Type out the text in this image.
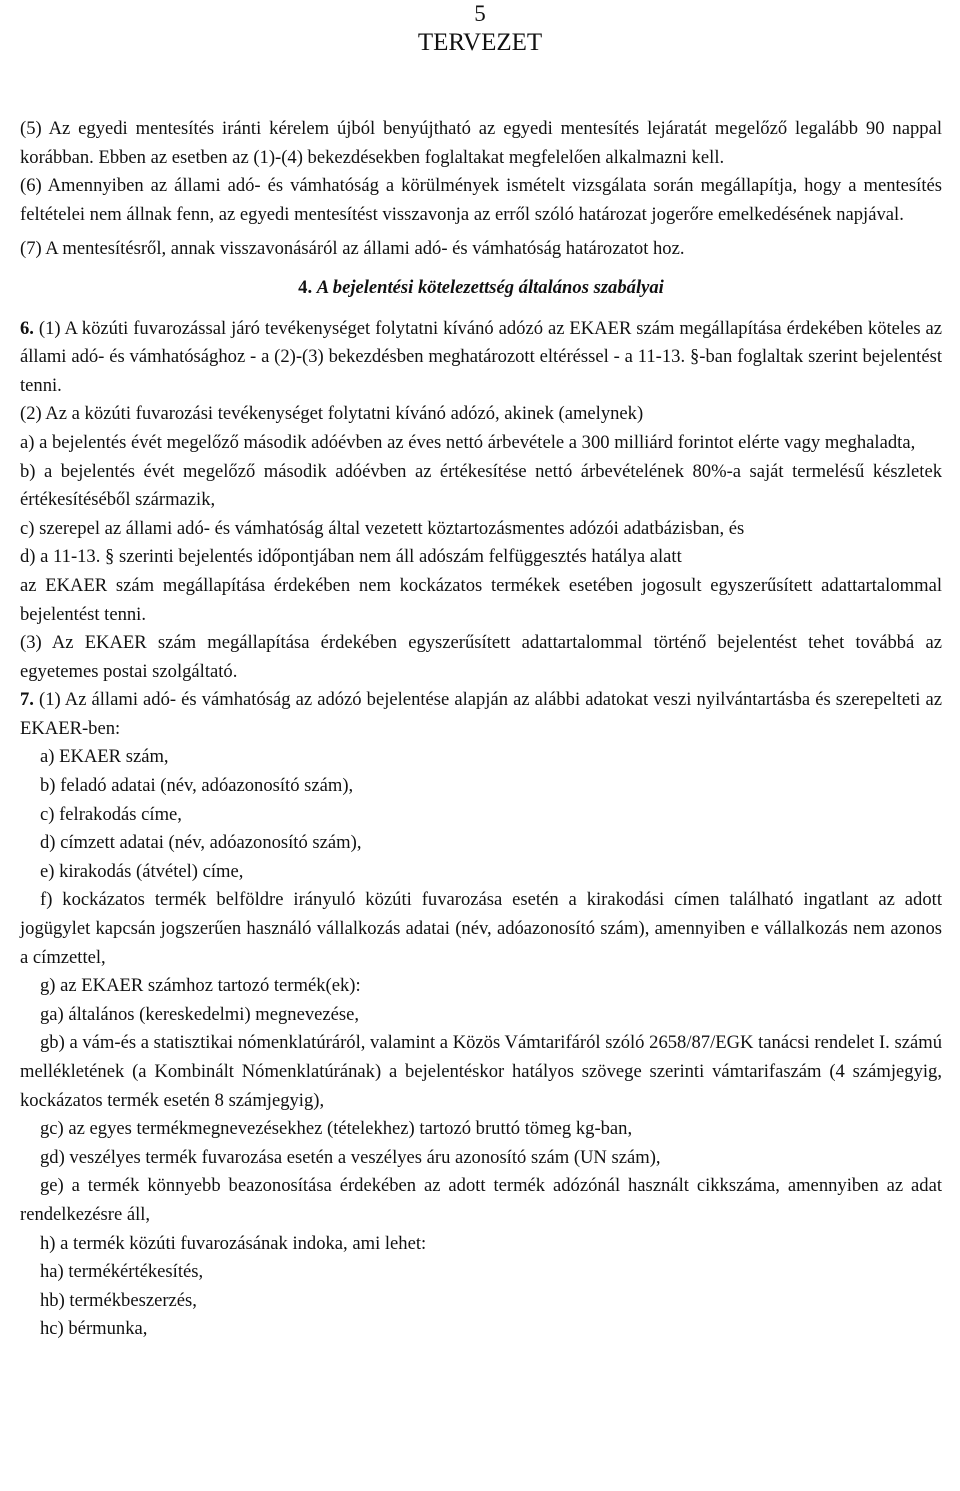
5
TERVEZET

(5) Az egyedi mentesítés iránti kérelem újból benyújtható az egyedi mentesítés lejáratát megelőző legalább 90 nappal korábban. Ebben az esetben az (1)-(4) bekezdésekben foglaltakat megfelelően alkalmazni kell.

(6) Amennyiben az állami adó- és vámhatóság a körülmények ismételt vizsgálata során megállapítja, hogy a mentesítés feltételei nem állnak fenn, az egyedi mentesítést visszavonja az erről szóló határozat jogerőre emelkedésének napjával.

(7) A mentesítésről, annak visszavonásáról az állami adó- és vámhatóság határozatot hoz.

4. A bejelentési kötelezettség általános szabályai

6. (1) A közúti fuvarozással járó tevékenységet folytatni kívánó adózó az EKAER szám megállapítása érdekében köteles az állami adó- és vámhatósághoz - a (2)-(3) bekezdésben meghatározott eltéréssel - a 11-13. §-ban foglaltak szerint bejelentést tenni.

(2) Az a közúti fuvarozási tevékenységet folytatni kívánó adózó, akinek (amelynek)

a) a bejelentés évét megelőző második adóévben az éves nettó árbevétele a 300 milliárd forintot elérte vagy meghaladta,

b) a bejelentés évét megelőző második adóévben az értékesítése nettó árbevételének 80%-a saját termelésű készletek értékesítéséből származik,

c) szerepel az állami adó- és vámhatóság által vezetett köztartozásmentes adózói adatbázisban, és

d) a 11-13. § szerinti bejelentés időpontjában nem áll adószám felfüggesztés hatálya alatt

az EKAER szám megállapítása érdekében nem kockázatos termékek esetében jogosult egyszerűsített adattartalommal bejelentést tenni.

(3) Az EKAER szám megállapítása érdekében egyszerűsített adattartalommal történő bejelentést tehet továbbá az egyetemes postai szolgáltató.

7. (1) Az állami adó- és vámhatóság az adózó bejelentése alapján az alábbi adatokat veszi nyilvántartásba és szerepelteti az EKAER-ben:

a) EKAER szám,

b) feladó adatai (név, adóazonosító szám),

c) felrakodás címe,

d) címzett adatai (név, adóazonosító szám),

e) kirakodás (átvétel) címe,

f) kockázatos termék belföldre irányuló közúti fuvarozása esetén a kirakodási címen található ingatlant az adott jogügylet kapcsán jogszerűen használó vállalkozás adatai (név, adóazonosító szám), amennyiben e vállalkozás nem azonos a címzettel,

g) az EKAER számhoz tartozó termék(ek):

ga) általános (kereskedelmi) megnevezése,

gb) a vám-és a statisztikai nómenklatúráról, valamint a Közös Vámtarifáról szóló 2658/87/EGK tanácsi rendelet I. számú mellékletének (a Kombinált Nómenklatúrának) a bejelentéskor hatályos szövege szerinti vámtarifaszám (4 számjegyig, kockázatos termék esetén 8 számjegyig),

gc) az egyes termékmegnevezésekhez (tételekhez) tartozó bruttó tömeg kg-ban,

gd) veszélyes termék fuvarozása esetén a veszélyes áru azonosító szám (UN szám),

ge) a termék könnyebb beazonosítása érdekében az adott termék adózónál használt cikkszáma, amennyiben az adat rendelkezésre áll,

h) a termék közúti fuvarozásának indoka, ami lehet:

ha) termékértékesítés,

hb) termékbeszerzés,

hc) bérmunka,
